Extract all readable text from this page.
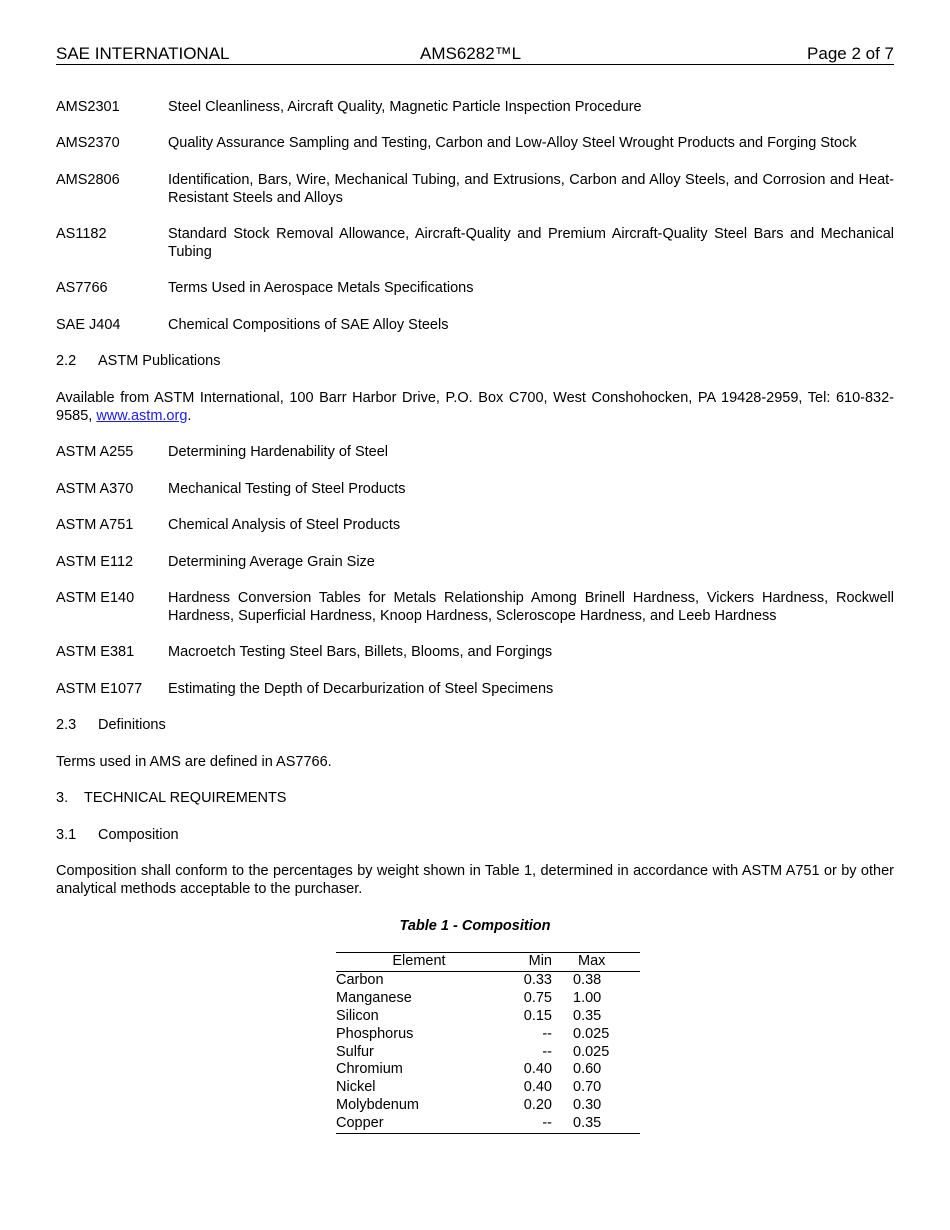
SAE INTERNATIONAL	AMS6282™L	Page 2 of 7
AMS2301	Steel Cleanliness, Aircraft Quality, Magnetic Particle Inspection Procedure
AMS2370	Quality Assurance Sampling and Testing, Carbon and Low-Alloy Steel Wrought Products and Forging Stock
AMS2806	Identification, Bars, Wire, Mechanical Tubing, and Extrusions, Carbon and Alloy Steels, and Corrosion and Heat-Resistant Steels and Alloys
AS1182	Standard Stock Removal Allowance, Aircraft-Quality and Premium Aircraft-Quality Steel Bars and Mechanical Tubing
AS7766	Terms Used in Aerospace Metals Specifications
SAE J404	Chemical Compositions of SAE Alloy Steels
2.2 ASTM Publications
Available from ASTM International, 100 Barr Harbor Drive, P.O. Box C700, West Conshohocken, PA 19428-2959, Tel: 610-832-9585, www.astm.org.
ASTM A255 Determining Hardenability of Steel
ASTM A370 Mechanical Testing of Steel Products
ASTM A751 Chemical Analysis of Steel Products
ASTM E112 Determining Average Grain Size
ASTM E140 Hardness Conversion Tables for Metals Relationship Among Brinell Hardness, Vickers Hardness, Rockwell Hardness, Superficial Hardness, Knoop Hardness, Scleroscope Hardness, and Leeb Hardness
ASTM E381 Macroetch Testing Steel Bars, Billets, Blooms, and Forgings
ASTM E1077 Estimating the Depth of Decarburization of Steel Specimens
2.3 Definitions
Terms used in AMS are defined in AS7766.
3. TECHNICAL REQUIREMENTS
3.1 Composition
Composition shall conform to the percentages by weight shown in Table 1, determined in accordance with ASTM A751 or by other analytical methods acceptable to the purchaser.
Table 1 - Composition
Element	Min	Max
Carbon	0.33	0.38
Manganese	0.75	1.00
Silicon	0.15	0.35
Phosphorus	--	0.025
Sulfur	--	0.025
Chromium	0.40	0.60
Nickel	0.40	0.70
Molybdenum	0.20	0.30
Copper	--	0.35
